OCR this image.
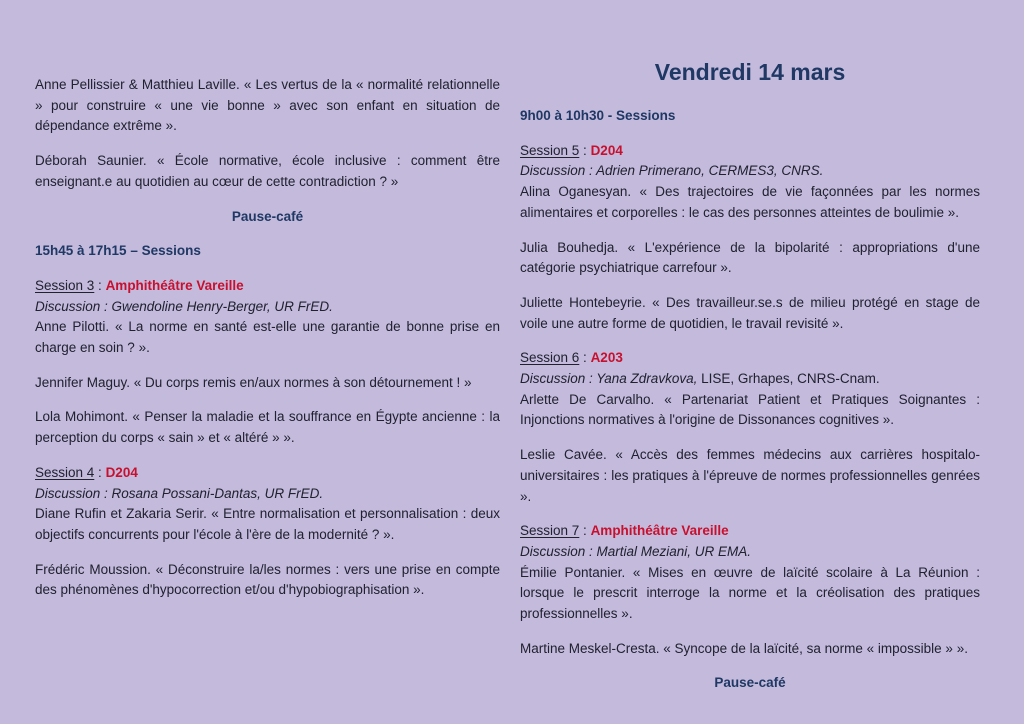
Anne Pellissier & Matthieu Laville. « Les vertus de la « normalité relationnelle » pour construire « une vie bonne » avec son enfant en situation de dépendance extrême ».

Déborah Saunier. « École normative, école inclusive : comment être enseignant.e au quotidien au cœur de cette contradiction ? »

Pause-café

15h45 à 17h15 – Sessions

Session 3 : Amphithéâtre Vareille

Discussion : Gwendoline Henry-Berger, UR FrED.

Anne Pilotti. « La norme en santé est-elle une garantie de bonne prise en charge en soin ? ».

Jennifer Maguy. « Du corps remis en/aux normes à son détournement ! »

Lola Mohimont. « Penser la maladie et la souffrance en Égypte ancienne : la perception du corps « sain » et « altéré » ».

Session 4 : D204

Discussion : Rosana Possani-Dantas, UR FrED.

Diane Rufin et Zakaria Serir. « Entre normalisation et personnalisation : deux objectifs concurrents pour l'école à l'ère de la modernité ? ».

Frédéric Moussion. « Déconstruire la/les normes : vers une prise en compte des phénomènes d'hypocorrection et/ou d'hypobiographisation ».

Vendredi 14 mars

9h00 à 10h30 - Sessions

Session 5 : D204

Discussion : Adrien Primerano, CERMES3, CNRS.

Alina Oganesyan. « Des trajectoires de vie façonnées par les normes alimentaires et corporelles : le cas des personnes atteintes de boulimie ».

Julia Bouhedja. « L'expérience de la bipolarité : appropriations d'une catégorie psychiatrique carrefour ».

Juliette Hontebeyrie. « Des travailleur.se.s de milieu protégé en stage de voile une autre forme de quotidien, le travail revisité ».

Session 6 : A203

Discussion : Yana Zdravkova, LISE, Grhapes, CNRS-Cnam.

Arlette De Carvalho. « Partenariat Patient et Pratiques Soignantes : Injonctions normatives à l'origine de Dissonances cognitives ».

Leslie Cavée. « Accès des femmes médecins aux carrières hospitalo-universitaires : les pratiques à l'épreuve de normes professionnelles genrées ».

Session 7 : Amphithéâtre Vareille

Discussion : Martial Meziani, UR EMA.

Émilie Pontanier. « Mises en œuvre de laïcité scolaire à La Réunion : lorsque le prescrit interroge la norme et la créolisation des pratiques professionnelles ».

Martine Meskel-Cresta. « Syncope de la laïcité, sa norme « impossible » ».

Pause-café
